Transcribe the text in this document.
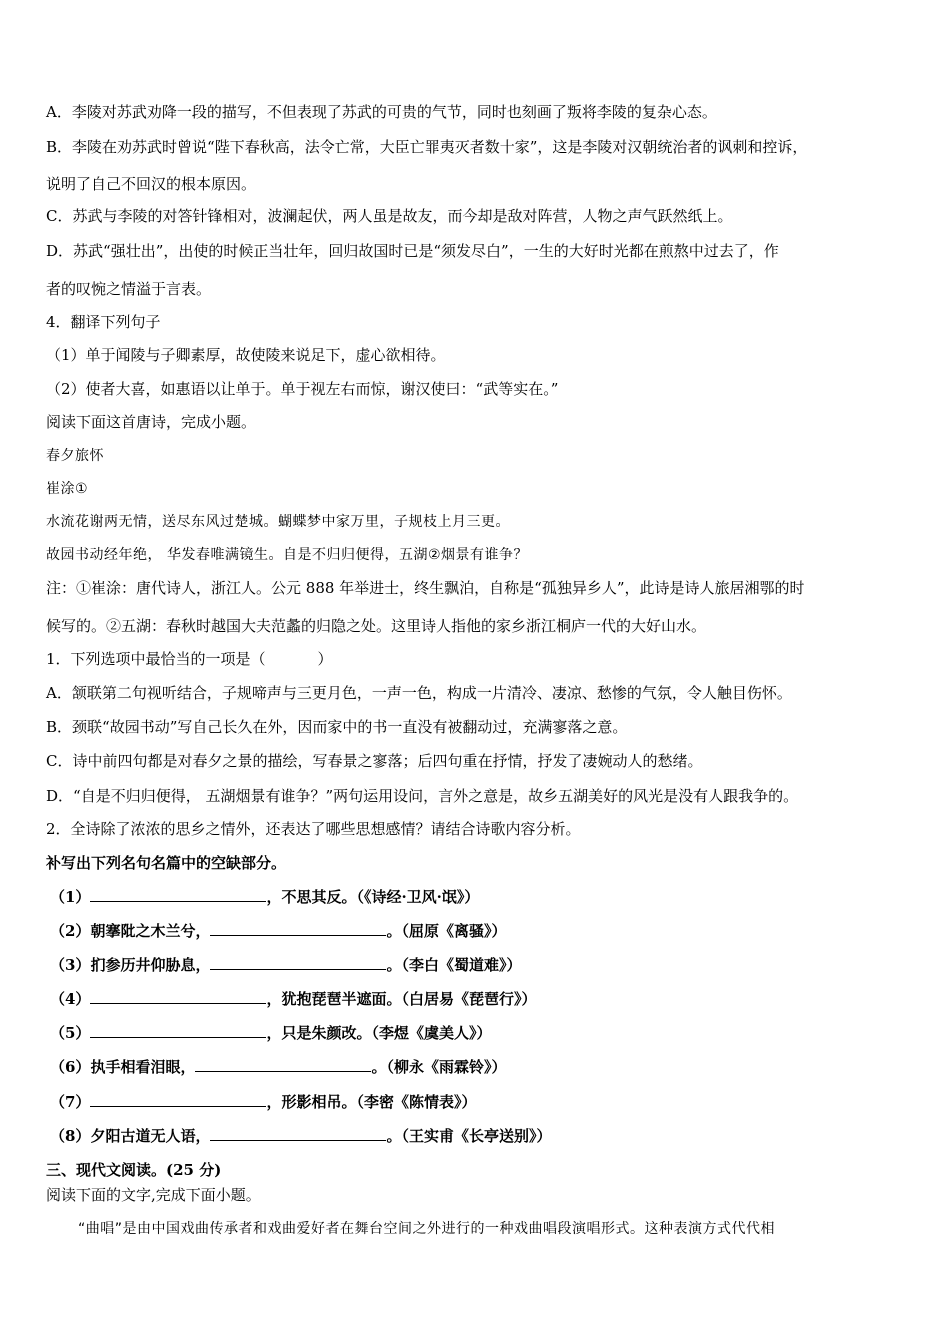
A．李陵对苏武劝降一段的描写，不但表现了苏武的可贵的气节，同时也刻画了叛将李陵的复杂心态。
B．李陵在劝苏武时曾说“陛下春秋高，法令亡常，大臣亡罪夷灭者数十家”，这是李陵对汉朝统治者的讽刺和控诉，
说明了自己不回汉的根本原因。
C．苏武与李陵的对答针锋相对，波澜起伏，两人虽是故友，而今却是敌对阵营，人物之声气跃然纸上。
D．苏武“强壮出”，出使的时候正当壮年，回归故国时已是“须发尽白”，一生的大好时光都在煎熬中过去了，作
者的叹惋之情溢于言表。
4．翻译下列句子
（1）单于闻陵与子卿素厚，故使陵来说足下，虚心欲相待。
（2）使者大喜，如惠语以让单于。单于视左右而惊，谢汉使曰：“武等实在。”
阅读下面这首唐诗，完成小题。
春夕旅怀
崔涂①
水流花谢两无情，送尽东风过楚城。蝴蝶梦中家万里，子规枝上月三更。
故园书动经年绝， 华发春唯满镜生。自是不归归便得，五湖②烟景有谁争？
注：①崔涂：唐代诗人，浙江人。公元 888 年举进士，终生飘泊，自称是“孤独异乡人”，此诗是诗人旅居湘鄂的时
候写的。②五湖：春秋时越国大夫范蠡的归隐之处。这里诗人指他的家乡浙江桐庐一代的大好山水。
1．下列选项中最恰当的一项是（	）
A．颔联第二句视听结合，子规啼声与三更月色，一声一色，构成一片清冷、凄凉、愁惨的气氛，令人触目伤怀。
B．颈联“故园书动”写自己长久在外，因而家中的书一直没有被翻动过，充满寥落之意。
C．诗中前四句都是对春夕之景的描绘，写春景之寥落；后四句重在抒情，抒发了凄婉动人的愁绪。
D．“自是不归归便得， 五湖烟景有谁争？”两句运用设问，言外之意是，故乡五湖美好的风光是没有人跟我争的。
2．全诗除了浓浓的思乡之情外，还表达了哪些思想感情？请结合诗歌内容分析。
补写出下列名句名篇中的空缺部分。
（1）	，不思其反。（《诗经·卫风·氓》）
（2）朝搴阰之木兰兮，	。（屈原《离骚》）
（3）扪参历井仰胁息，	。（李白《蜀道难》）
（4）	，犹抱琵琶半遮面。（白居易《琵琶行》）
（5）	，只是朱颜改。（李煜《虞美人》）
（6）执手相看泪眼，	。（柳永《雨霖铃》）
（7）	，形影相吊。（李密《陈情表》）
（8）夕阳古道无人语，	。（王实甫《长亭送别》）
三、现代文阅读。(25 分)
阅读下面的文字,完成下面小题。
“曲唱”是由中国戏曲传承者和戏曲爱好者在舞台空间之外进行的一种戏曲唱段演唱形式。这种表演方式代代相
